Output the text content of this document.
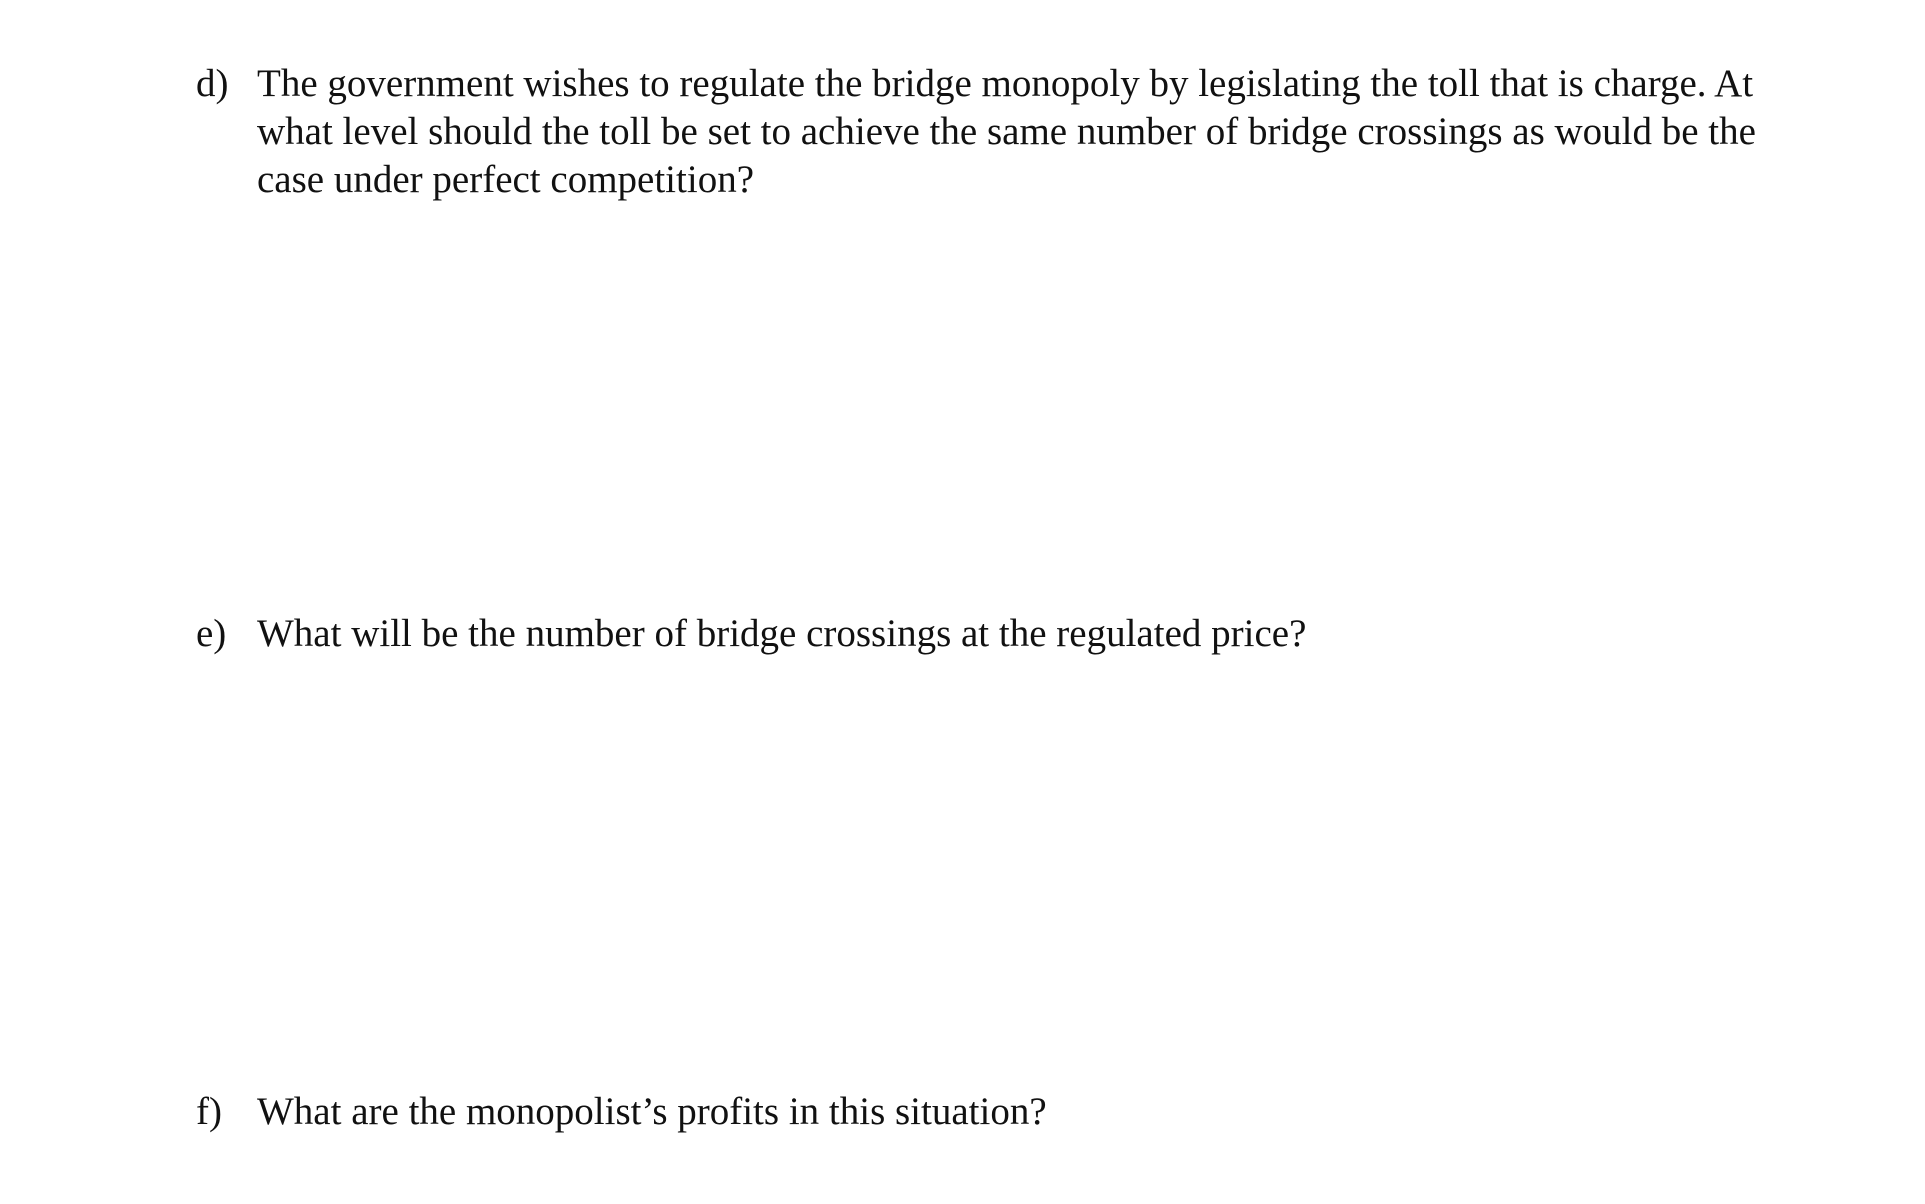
d) The government wishes to regulate the bridge monopoly by legislating the toll that is charge. At what level should the toll be set to achieve the same number of bridge crossings as would be the case under perfect competition?
e) What will be the number of bridge crossings at the regulated price?
f) What are the monopolist’s profits in this situation?
